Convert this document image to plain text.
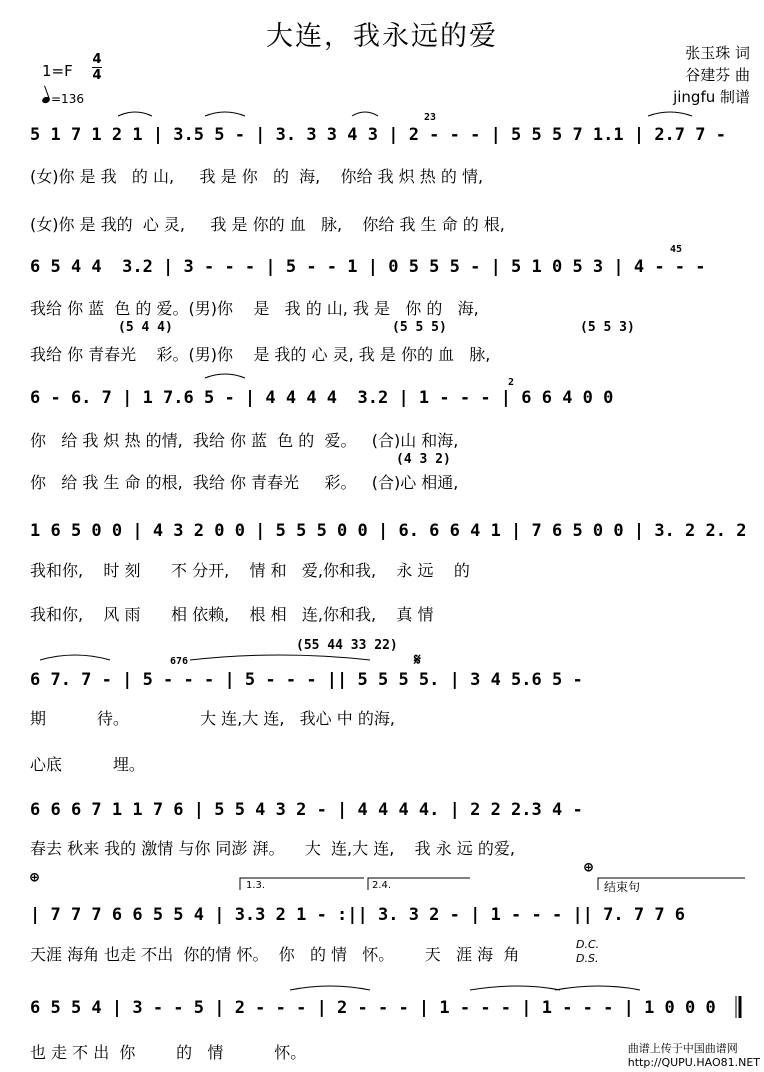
大连，我永远的爱
张玉珠 词
谷建芬 曲
jingfu 制谱
1=F
4
4
=136
5 1 7 1 2 1 | 3.5 5 - | 3. 3 3 4 3 | 2 - - - | 5 5 5 7 1.1 | 2.7 7 -
23
(女)你 是 我   的 山,     我 是 你   的  海,    你给 我 炽 热 的 情,
(女)你 是 我的  心 灵,     我 是 你的 血   脉,    你给 我 生 命 的 根,
6 5 4 4  3.2 | 3 - - - | 5 - - 1 | 0 5 5 5 - | 5 1 0 5 3 | 4 - - -
45
我给 你 蓝  色 的 爱。(男)你    是   我 的 山, 我 是   你 的   海,
(5 4 4)	(5 5 5)	(5 5 3)
我给 你 青春光    彩。(男)你    是 我的 心 灵, 我 是 你的 血   脉,
6 - 6. 7 | 1 7.6 5 - | 4 4 4 4  3.2 | 1 - - - | 6 6 4 0 0
2
你   给 我 炽 热 的情,  我给 你 蓝  色 的  爱。   (合)山 和海,
(4 3 2)
你   给 我 生 命 的根,  我给 你 青春光     彩。   (合)心 相通,
1 6 5 0 0 | 4 3 2 0 0 | 5 5 5 0 0 | 6. 6 6 4 1 | 7 6 5 0 0 | 3. 2 2. 2
我和你,    时 刻      不 分开,    情 和   爱,你和我,    永 远    的
我和你,    风 雨      相 依赖,    根 相   连,你和我,    真 情
6 7. 7 - | 5 - - - | 5 - - - || 5 5 5 5. | 3 4 5.6 5 -
676
(55 44 33 22)
𝄋
期          待。              大 连,大 连,   我心 中 的海,
心底          埋。
6 6 6 7 1 1 7 6 | 5 5 4 3 2 - | 4 4 4 4. | 2 2 2.3 4 -
春去 秋来 我的 激情 与你 同澎 湃。    大  连,大 连,    我 永 远 的爱,
⊕
⊕
1.3.	2.4.	结束句
| 7 7 7 6 6 5 5 4 | 3.3 2 1 - :|| 3. 3 2 - | 1 - - - || 7. 7 7 6
天涯 海角 也走 不出  你的情 怀。  你   的 情   怀。      天   涯 海  角
D.C.
D.S.
6 5 5 4 | 3 - - 5 | 2 - - - | 2 - - - | 1 - - - | 1 - - - | 1 0 0 0
也 走 不 出  你        的   情          怀。	曲谱上传于中国曲谱网
http://QUPU.HAO81.NET
